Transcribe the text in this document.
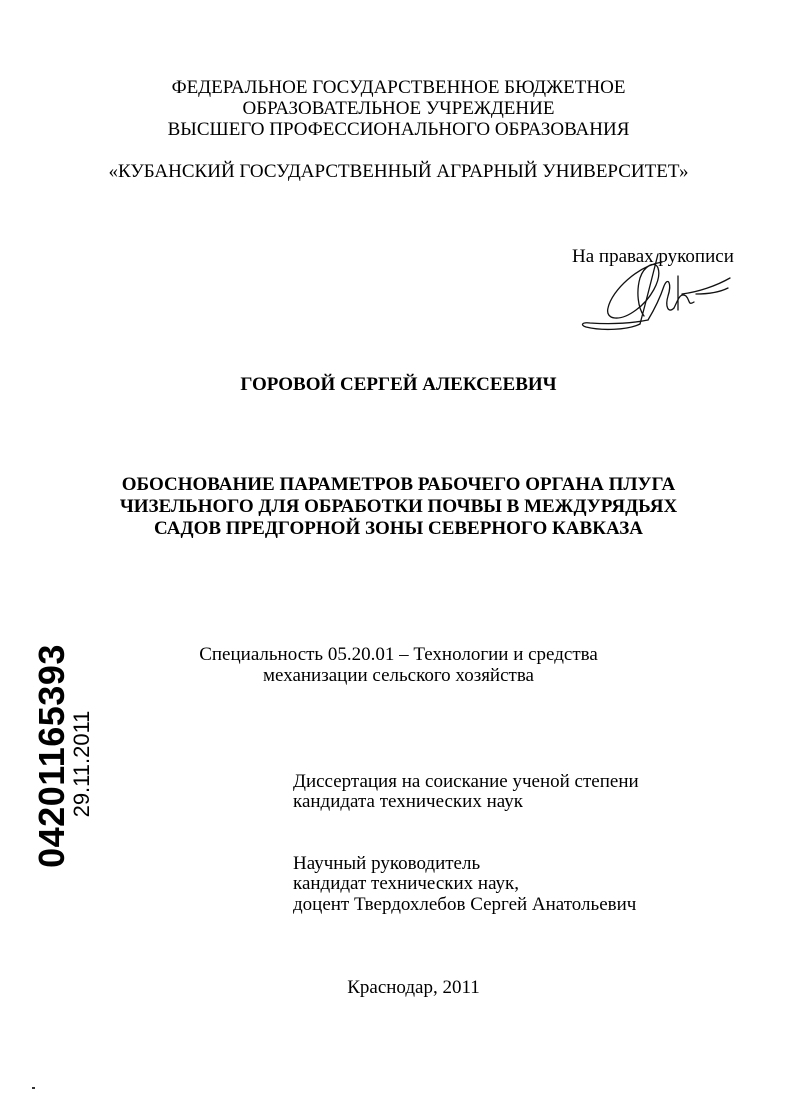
ФЕДЕРАЛЬНОЕ ГОСУДАРСТВЕННОЕ БЮДЖЕТНОЕ
ОБРАЗОВАТЕЛЬНОЕ УЧРЕЖДЕНИЕ
ВЫСШЕГО ПРОФЕССИОНАЛЬНОГО ОБРАЗОВАНИЯ
«КУБАНСКИЙ ГОСУДАРСТВЕННЫЙ АГРАРНЫЙ УНИВЕРСИТЕТ»
На правах рукописи
ГОРОВОЙ СЕРГЕЙ АЛЕКСЕЕВИЧ
ОБОСНОВАНИЕ ПАРАМЕТРОВ РАБОЧЕГО ОРГАНА ПЛУГА
ЧИЗЕЛЬНОГО ДЛЯ ОБРАБОТКИ ПОЧВЫ В МЕЖДУРЯДЬЯХ
САДОВ ПРЕДГОРНОЙ ЗОНЫ СЕВЕРНОГО КАВКАЗА
Специальность 05.20.01 – Технологии и средства
механизации сельского хозяйства
Диссертация на соискание ученой степени
кандидата технических наук
Научный руководитель
кандидат технических наук,
доцент Твердохлебов Сергей Анатольевич
Краснодар, 2011
04201165393
29.11.2011
